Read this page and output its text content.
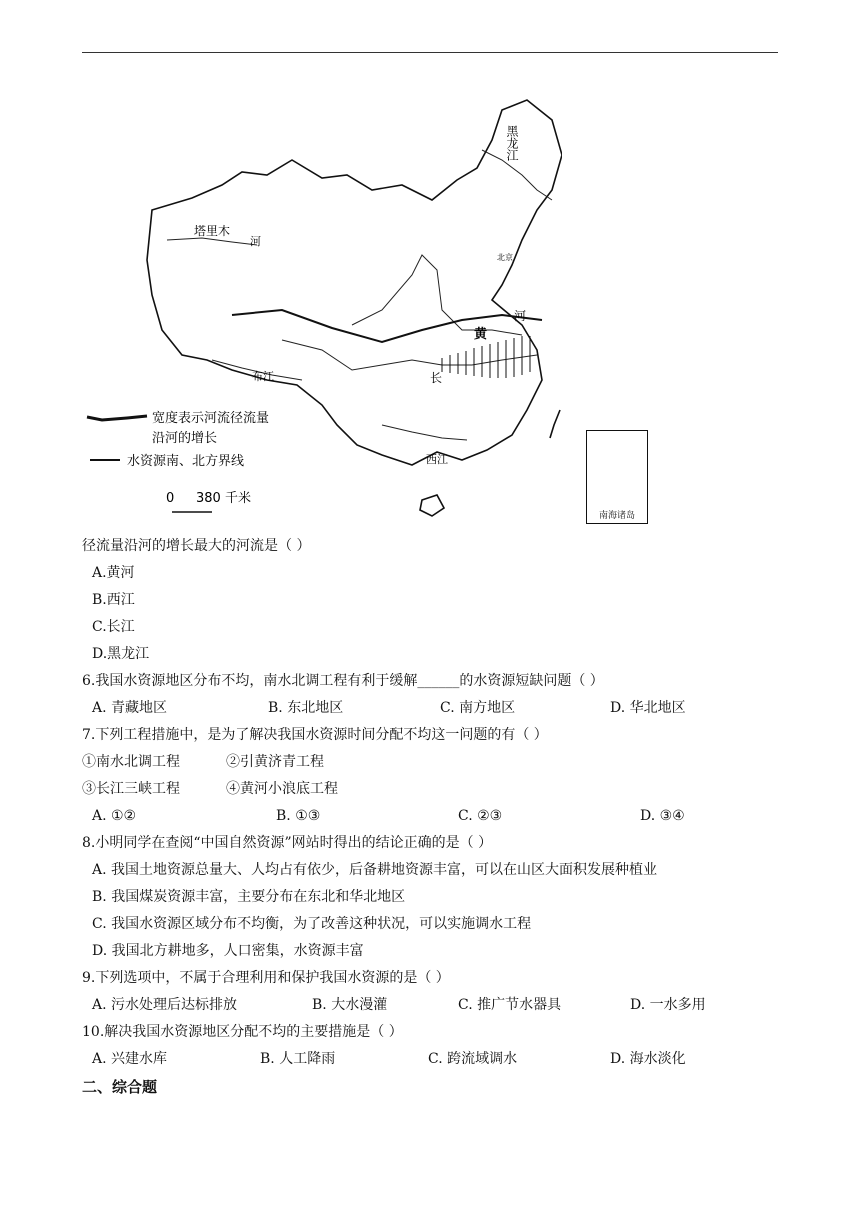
塔里木
河
黑龙江
黄
河
长
布江
西江
北京
宽度表示河流径流量
沿河的增长
水资源南、北方界线
0 380 千米
南海诸岛
径流量沿河的增长最大的河流是（ ）
A.黄河
B.西江
C.长江
D.黑龙江
6.我国水资源地区分布不均，南水北调工程有利于缓解______的水资源短缺问题（ ）
A. 青藏地区	B. 东北地区	C. 南方地区	D. 华北地区
7.下列工程措施中，是为了解决我国水资源时间分配不均这一问题的有（ ）
①南水北调工程	②引黄济青工程
③长江三峡工程	④黄河小浪底工程
A. ①②	B. ①③	C. ②③	D. ③④
8.小明同学在查阅“中国自然资源”网站时得出的结论正确的是（ ）
A. 我国土地资源总量大、人均占有依少，后备耕地资源丰富，可以在山区大面积发展种植业
B. 我国煤炭资源丰富，主要分布在东北和华北地区
C. 我国水资源区域分布不均衡，为了改善这种状况，可以实施调水工程
D. 我国北方耕地多，人口密集，水资源丰富
9.下列选项中，不属于合理利用和保护我国水资源的是（ ）
A. 污水处理后达标排放	B. 大水漫灌	C. 推广节水器具	D. 一水多用
10.解决我国水资源地区分配不均的主要措施是（ ）
A. 兴建水库	B. 人工降雨	C. 跨流域调水	D. 海水淡化
二、综合题
